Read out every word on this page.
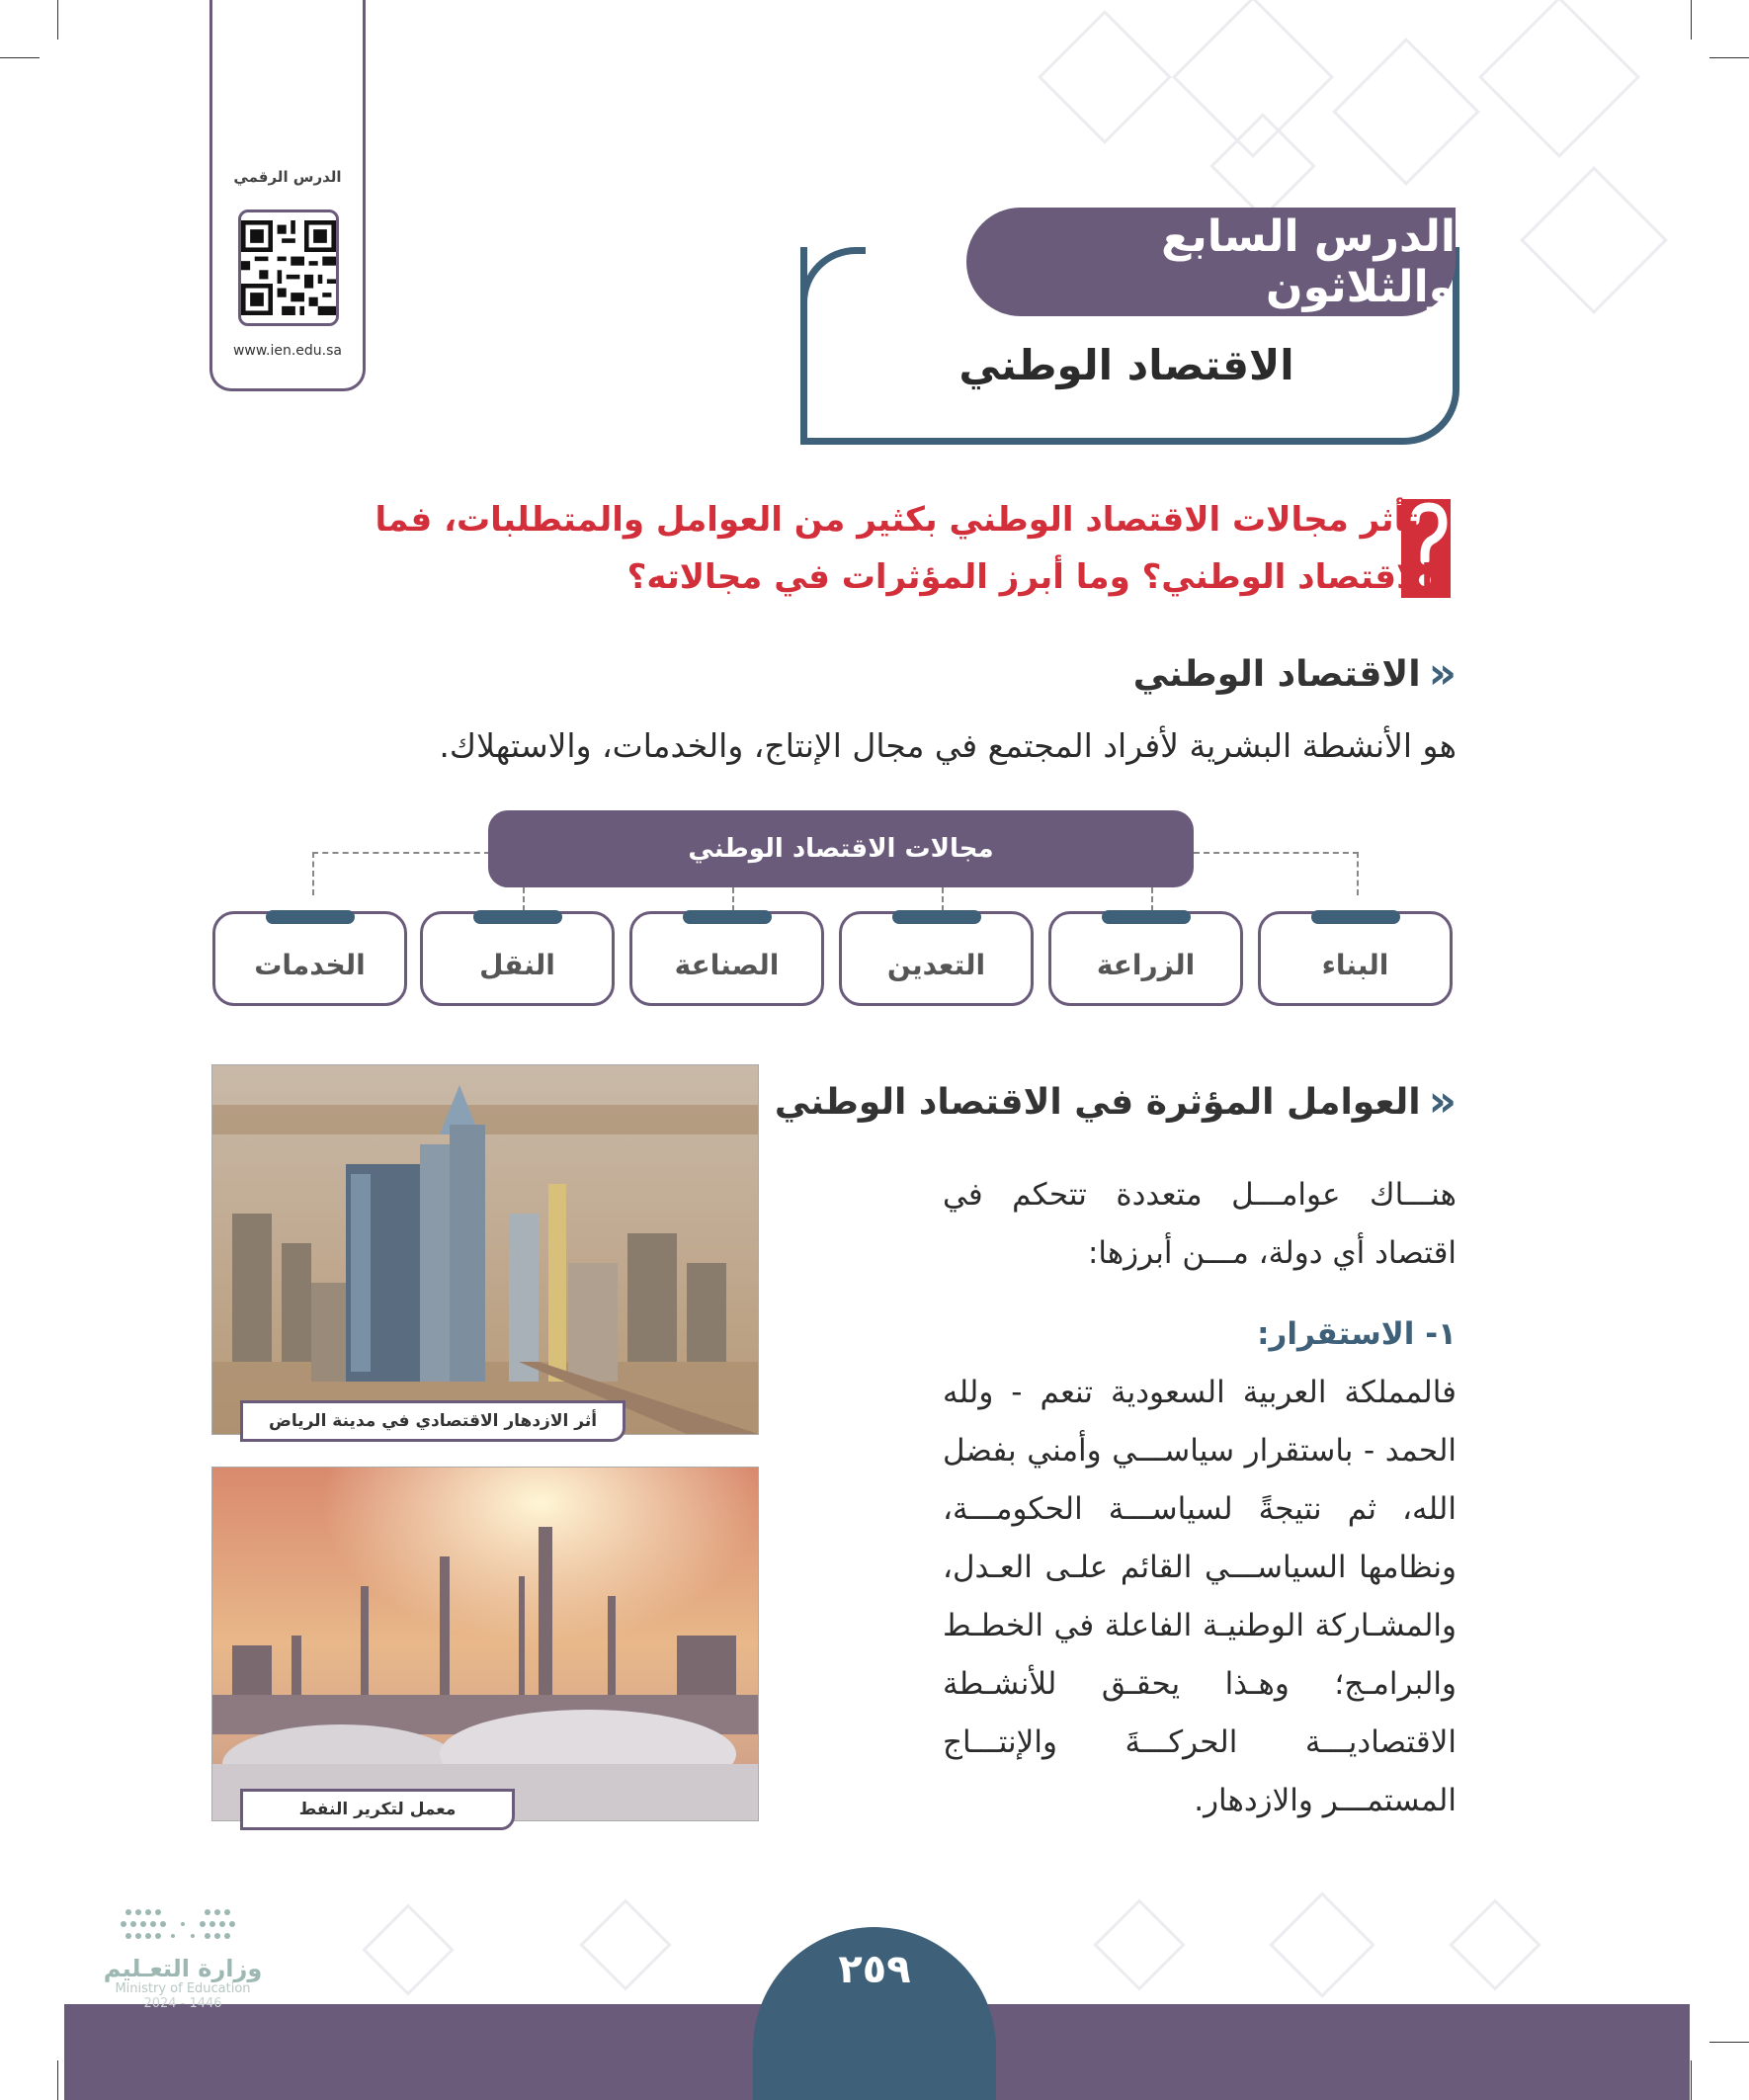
الدرس الرقمي
www.ien.edu.sa
الدرس السابع والثلاثون
الاقتصاد الوطني
تتأثر مجالات الاقتصاد الوطني بكثير من العوامل والمتطلبات، فما الاقتصاد الوطني؟ وما أبرز المؤثرات في مجالاته؟
«
الاقتصاد الوطني
هو الأنشطة البشرية لأفراد المجتمع في مجال الإنتاج، والخدمات، والاستهلاك.
مجالات الاقتصاد الوطني
البناء
الزراعة
التعدين
الصناعة
النقل
الخدمات
«
العوامل المؤثرة في الاقتصاد الوطني
هنـــاك عوامـــل متعددة تتحكم في اقتصاد أي دولة، مـــن أبرزها:
١- الاستقرار:
فالمملكة العربية السعودية تنعم - ولله الحمد - باستقرار سياســـي وأمني بفضل الله، ثم نتيجةً لسياســـة الحكومـــة، ونظامها السياســـي القائم علـى العـدل، والمشـاركة الوطنيـة الفاعلة في الخطـط والبرامـج؛ وهـذا يحقـق للأنشـطة الاقتصاديـــة الحركـــةَ والإنتـــاج المستمـــر والازدهار.
أثر الازدهار الاقتصادي في مدينة الرياض
معمل لتكرير النفط
٢٥٩
وزارة التعـليم
Ministry of Education
2024 - 1446
